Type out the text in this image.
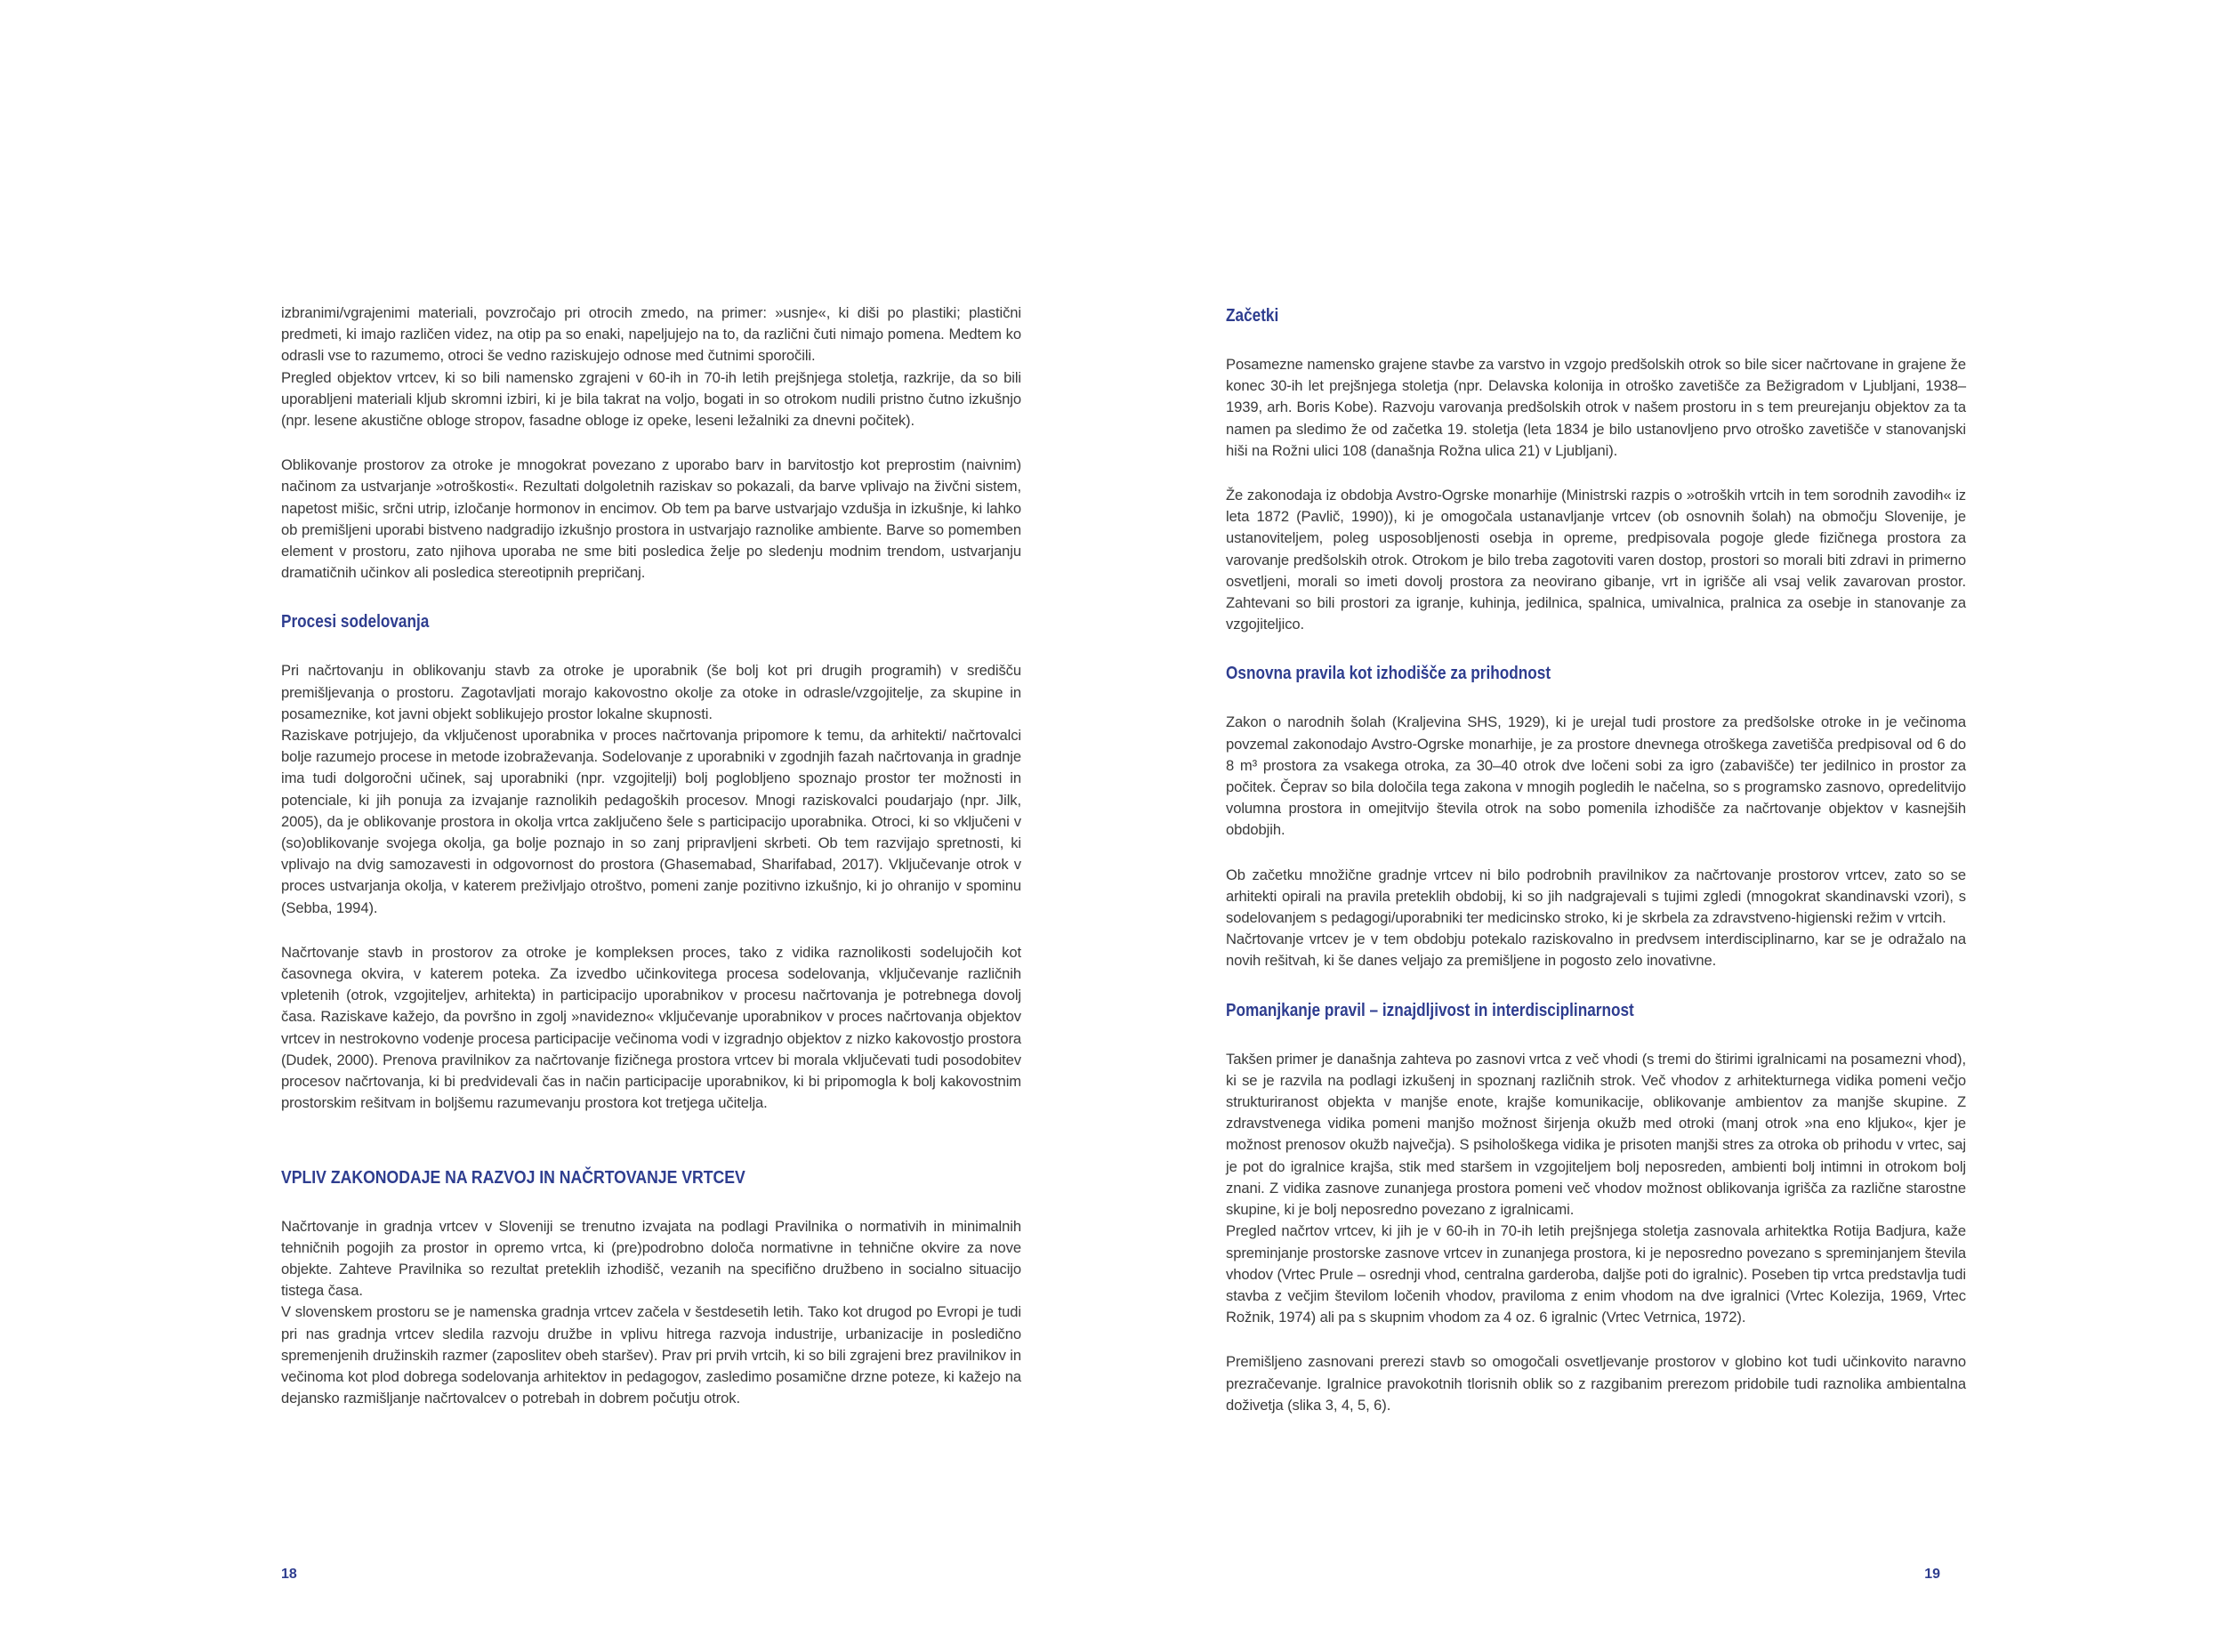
izbranimi/vgrajenimi materiali, povzročajo pri otrocih zmedo, na primer: »usnje«, ki diši po plastiki; plastični predmeti, ki imajo različen videz, na otip pa so enaki, napeljujejo na to, da različni čuti nimajo pomena. Medtem ko odrasli vse to razumemo, otroci še vedno raziskujejo odnose med čutnimi sporočili.

Pregled objektov vrtcev, ki so bili namensko zgrajeni v 60-ih in 70-ih letih prejšnjega stoletja, razkrije, da so bili uporabljeni materiali kljub skromni izbiri, ki je bila takrat na voljo, bogati in so otrokom nudili pristno čutno izkušnjo (npr. lesene akustične obloge stropov, fasadne obloge iz opeke, leseni ležalniki za dnevni počitek).

Oblikovanje prostorov za otroke je mnogokrat povezano z uporabo barv in barvitostjo kot preprostim (naivnim) načinom za ustvarjanje »otroškosti«. Rezultati dolgoletnih raziskav so pokazali, da barve vplivajo na živčni sistem, napetost mišic, srčni utrip, izločanje hormonov in encimov. Ob tem pa barve ustvarjajo vzdušja in izkušnje, ki lahko ob premišljeni uporabi bistveno nadgradijo izkušnjo prostora in ustvarjajo raznolike ambiente. Barve so pomemben element v prostoru, zato njihova uporaba ne sme biti posledica želje po sledenju modnim trendom, ustvarjanju dramatičnih učinkov ali posledica stereotipnih prepričanj.

Procesi sodelovanja

Pri načrtovanju in oblikovanju stavb za otroke je uporabnik (še bolj kot pri drugih programih) v središču premišljevanja o prostoru. Zagotavljati morajo kakovostno okolje za otoke in odrasle/vzgojitelje, za skupine in posameznike, kot javni objekt soblikujejo prostor lokalne skupnosti.

Raziskave potrjujejo, da vključenost uporabnika v proces načrtovanja pripomore k temu, da arhitekti/ načrtovalci bolje razumejo procese in metode izobraževanja. Sodelovanje z uporabniki v zgodnjih fazah načrtovanja in gradnje ima tudi dolgoročni učinek, saj uporabniki (npr. vzgojitelji) bolj poglobljeno spoznajo prostor ter možnosti in potenciale, ki jih ponuja za izvajanje raznolikih pedagoških procesov. Mnogi raziskovalci poudarjajo (npr. Jilk, 2005), da je oblikovanje prostora in okolja vrtca zaključeno šele s participacijo uporabnika. Otroci, ki so vključeni v (so)oblikovanje svojega okolja, ga bolje poznajo in so zanj pripravljeni skrbeti. Ob tem razvijajo spretnosti, ki vplivajo na dvig samozavesti in odgovornost do prostora (Ghasemabad, Sharifabad, 2017). Vključevanje otrok v proces ustvarjanja okolja, v katerem preživljajo otroštvo, pomeni zanje pozitivno izkušnjo, ki jo ohranijo v spominu (Sebba, 1994).

Načrtovanje stavb in prostorov za otroke je kompleksen proces, tako z vidika raznolikosti sodelujočih kot časovnega okvira, v katerem poteka. Za izvedbo učinkovitega procesa sodelovanja, vključevanje različnih vpletenih (otrok, vzgojiteljev, arhitekta) in participacijo uporabnikov v procesu načrtovanja je potrebnega dovolj časa. Raziskave kažejo, da površno in zgolj »navidezno« vključevanje uporabnikov v proces načrtovanja objektov vrtcev in nestrokovno vodenje procesa participacije večinoma vodi v izgradnjo objektov z nizko kakovostjo prostora (Dudek, 2000). Prenova pravilnikov za načrtovanje fizičnega prostora vrtcev bi morala vključevati tudi posodobitev procesov načrtovanja, ki bi predvidevali čas in način participacije uporabnikov, ki bi pripomogla k bolj kakovostnim prostorskim rešitvam in boljšemu razumevanju prostora kot tretjega učitelja.

VPLIV ZAKONODAJE NA RAZVOJ IN NAČRTOVANJE VRTCEV

Načrtovanje in gradnja vrtcev v Sloveniji se trenutno izvajata na podlagi Pravilnika o normativih in minimalnih tehničnih pogojih za prostor in opremo vrtca, ki (pre)podrobno določa normativne in tehnične okvire za nove objekte. Zahteve Pravilnika so rezultat preteklih izhodišč, vezanih na specifično družbeno in socialno situacijo tistega časa.

V slovenskem prostoru se je namenska gradnja vrtcev začela v šestdesetih letih. Tako kot drugod po Evropi je tudi pri nas gradnja vrtcev sledila razvoju družbe in vplivu hitrega razvoja industrije, urbanizacije in posledično spremenjenih družinskih razmer (zaposlitev obeh staršev). Prav pri prvih vrtcih, ki so bili zgrajeni brez pravilnikov in večinoma kot plod dobrega sodelovanja arhitektov in pedagogov, zasledimo posamične drzne poteze, ki kažejo na dejansko razmišljanje načrtovalcev o potrebah in dobrem počutju otrok.

18
Začetki

Posamezne namensko grajene stavbe za varstvo in vzgojo predšolskih otrok so bile sicer načrtovane in grajene že konec 30-ih let prejšnjega stoletja (npr. Delavska kolonija in otroško zavetišče za Bežigradom v Ljubljani, 1938–1939, arh. Boris Kobe). Razvoju varovanja predšolskih otrok v našem prostoru in s tem preurejanju objektov za ta namen pa sledimo že od začetka 19. stoletja (leta 1834 je bilo ustanovljeno prvo otroško zavetišče v stanovanjski hiši na Rožni ulici 108 (današnja Rožna ulica 21) v Ljubljani).

Že zakonodaja iz obdobja Avstro-Ogrske monarhije (Ministrski razpis o »otroških vrtcih in tem sorodnih zavodih« iz leta 1872 (Pavlič, 1990)), ki je omogočala ustanavljanje vrtcev (ob osnovnih šolah) na območju Slovenije, je ustanoviteljem, poleg usposobljenosti osebja in opreme, predpisovala pogoje glede fizičnega prostora za varovanje predšolskih otrok. Otrokom je bilo treba zagotoviti varen dostop, prostori so morali biti zdravi in primerno osvetljeni, morali so imeti dovolj prostora za neovirano gibanje, vrt in igrišče ali vsaj velik zavarovan prostor. Zahtevani so bili prostori za igranje, kuhinja, jedilnica, spalnica, umivalnica, pralnica za osebje in stanovanje za vzgojiteljico.

Osnovna pravila kot izhodišče za prihodnost

Zakon o narodnih šolah (Kraljevina SHS, 1929), ki je urejal tudi prostore za predšolske otroke in je večinoma povzemal zakonodajo Avstro-Ogrske monarhije, je za prostore dnevnega otroškega zavetišča predpisoval od 6 do 8 m³ prostora za vsakega otroka, za 30–40 otrok dve ločeni sobi za igro (zabavišče) ter jedilnico in prostor za počitek. Čeprav so bila določila tega zakona v mnogih pogledih le načelna, so s programsko zasnovo, opredelitvijo volumna prostora in omejitvijo števila otrok na sobo pomenila izhodišče za načrtovanje objektov v kasnejših obdobjih.

Ob začetku množične gradnje vrtcev ni bilo podrobnih pravilnikov za načrtovanje prostorov vrtcev, zato so se arhitekti opirali na pravila preteklih obdobij, ki so jih nadgrajevali s tujimi zgledi (mnogokrat skandinavski vzori), s sodelovanjem s pedagogi/uporabniki ter medicinsko stroko, ki je skrbela za zdravstveno-higienski režim v vrtcih.

Načrtovanje vrtcev je v tem obdobju potekalo raziskovalno in predvsem interdisciplinarno, kar se je odražalo na novih rešitvah, ki še danes veljajo za premišljene in pogosto zelo inovativne.

Pomanjkanje pravil – iznajdljivost in interdisciplinarnost

Takšen primer je današnja zahteva po zasnovi vrtca z več vhodi (s tremi do štirimi igralnicami na posamezni vhod), ki se je razvila na podlagi izkušenj in spoznanj različnih strok. Več vhodov z arhitekturnega vidika pomeni večjo strukturiranost objekta v manjše enote, krajše komunikacije, oblikovanje ambientov za manjše skupine. Z zdravstvenega vidika pomeni manjšo možnost širjenja okužb med otroki (manj otrok »na eno kljuko«, kjer je možnost prenosov okužb največja). S psihološkega vidika je prisoten manjši stres za otroka ob prihodu v vrtec, saj je pot do igralnice krajša, stik med staršem in vzgojiteljem bolj neposreden, ambienti bolj intimni in otrokom bolj znani. Z vidika zasnove zunanjega prostora pomeni več vhodov možnost oblikovanja igrišča za različne starostne skupine, ki je bolj neposredno povezano z igralnicami.

Pregled načrtov vrtcev, ki jih je v 60-ih in 70-ih letih prejšnjega stoletja zasnovala arhitektka Rotija Badjura, kaže spreminjanje prostorske zasnove vrtcev in zunanjega prostora, ki je neposredno povezano s spreminjanjem števila vhodov (Vrtec Prule – osrednji vhod, centralna garderoba, daljše poti do igralnic). Poseben tip vrtca predstavlja tudi stavba z večjim številom ločenih vhodov, praviloma z enim vhodom na dve igralnici (Vrtec Kolezija, 1969, Vrtec Rožnik, 1974) ali pa s skupnim vhodom za 4 oz. 6 igralnic (Vrtec Vetrnica, 1972).

Premišljeno zasnovani prerezi stavb so omogočali osvetljevanje prostorov v globino kot tudi učinkovito naravno prezračevanje. Igralnice pravokotnih tlorisnih oblik so z razgibanim prerezom pridobile tudi raznolika ambientalna doživetja (slika 3, 4, 5, 6).

19
